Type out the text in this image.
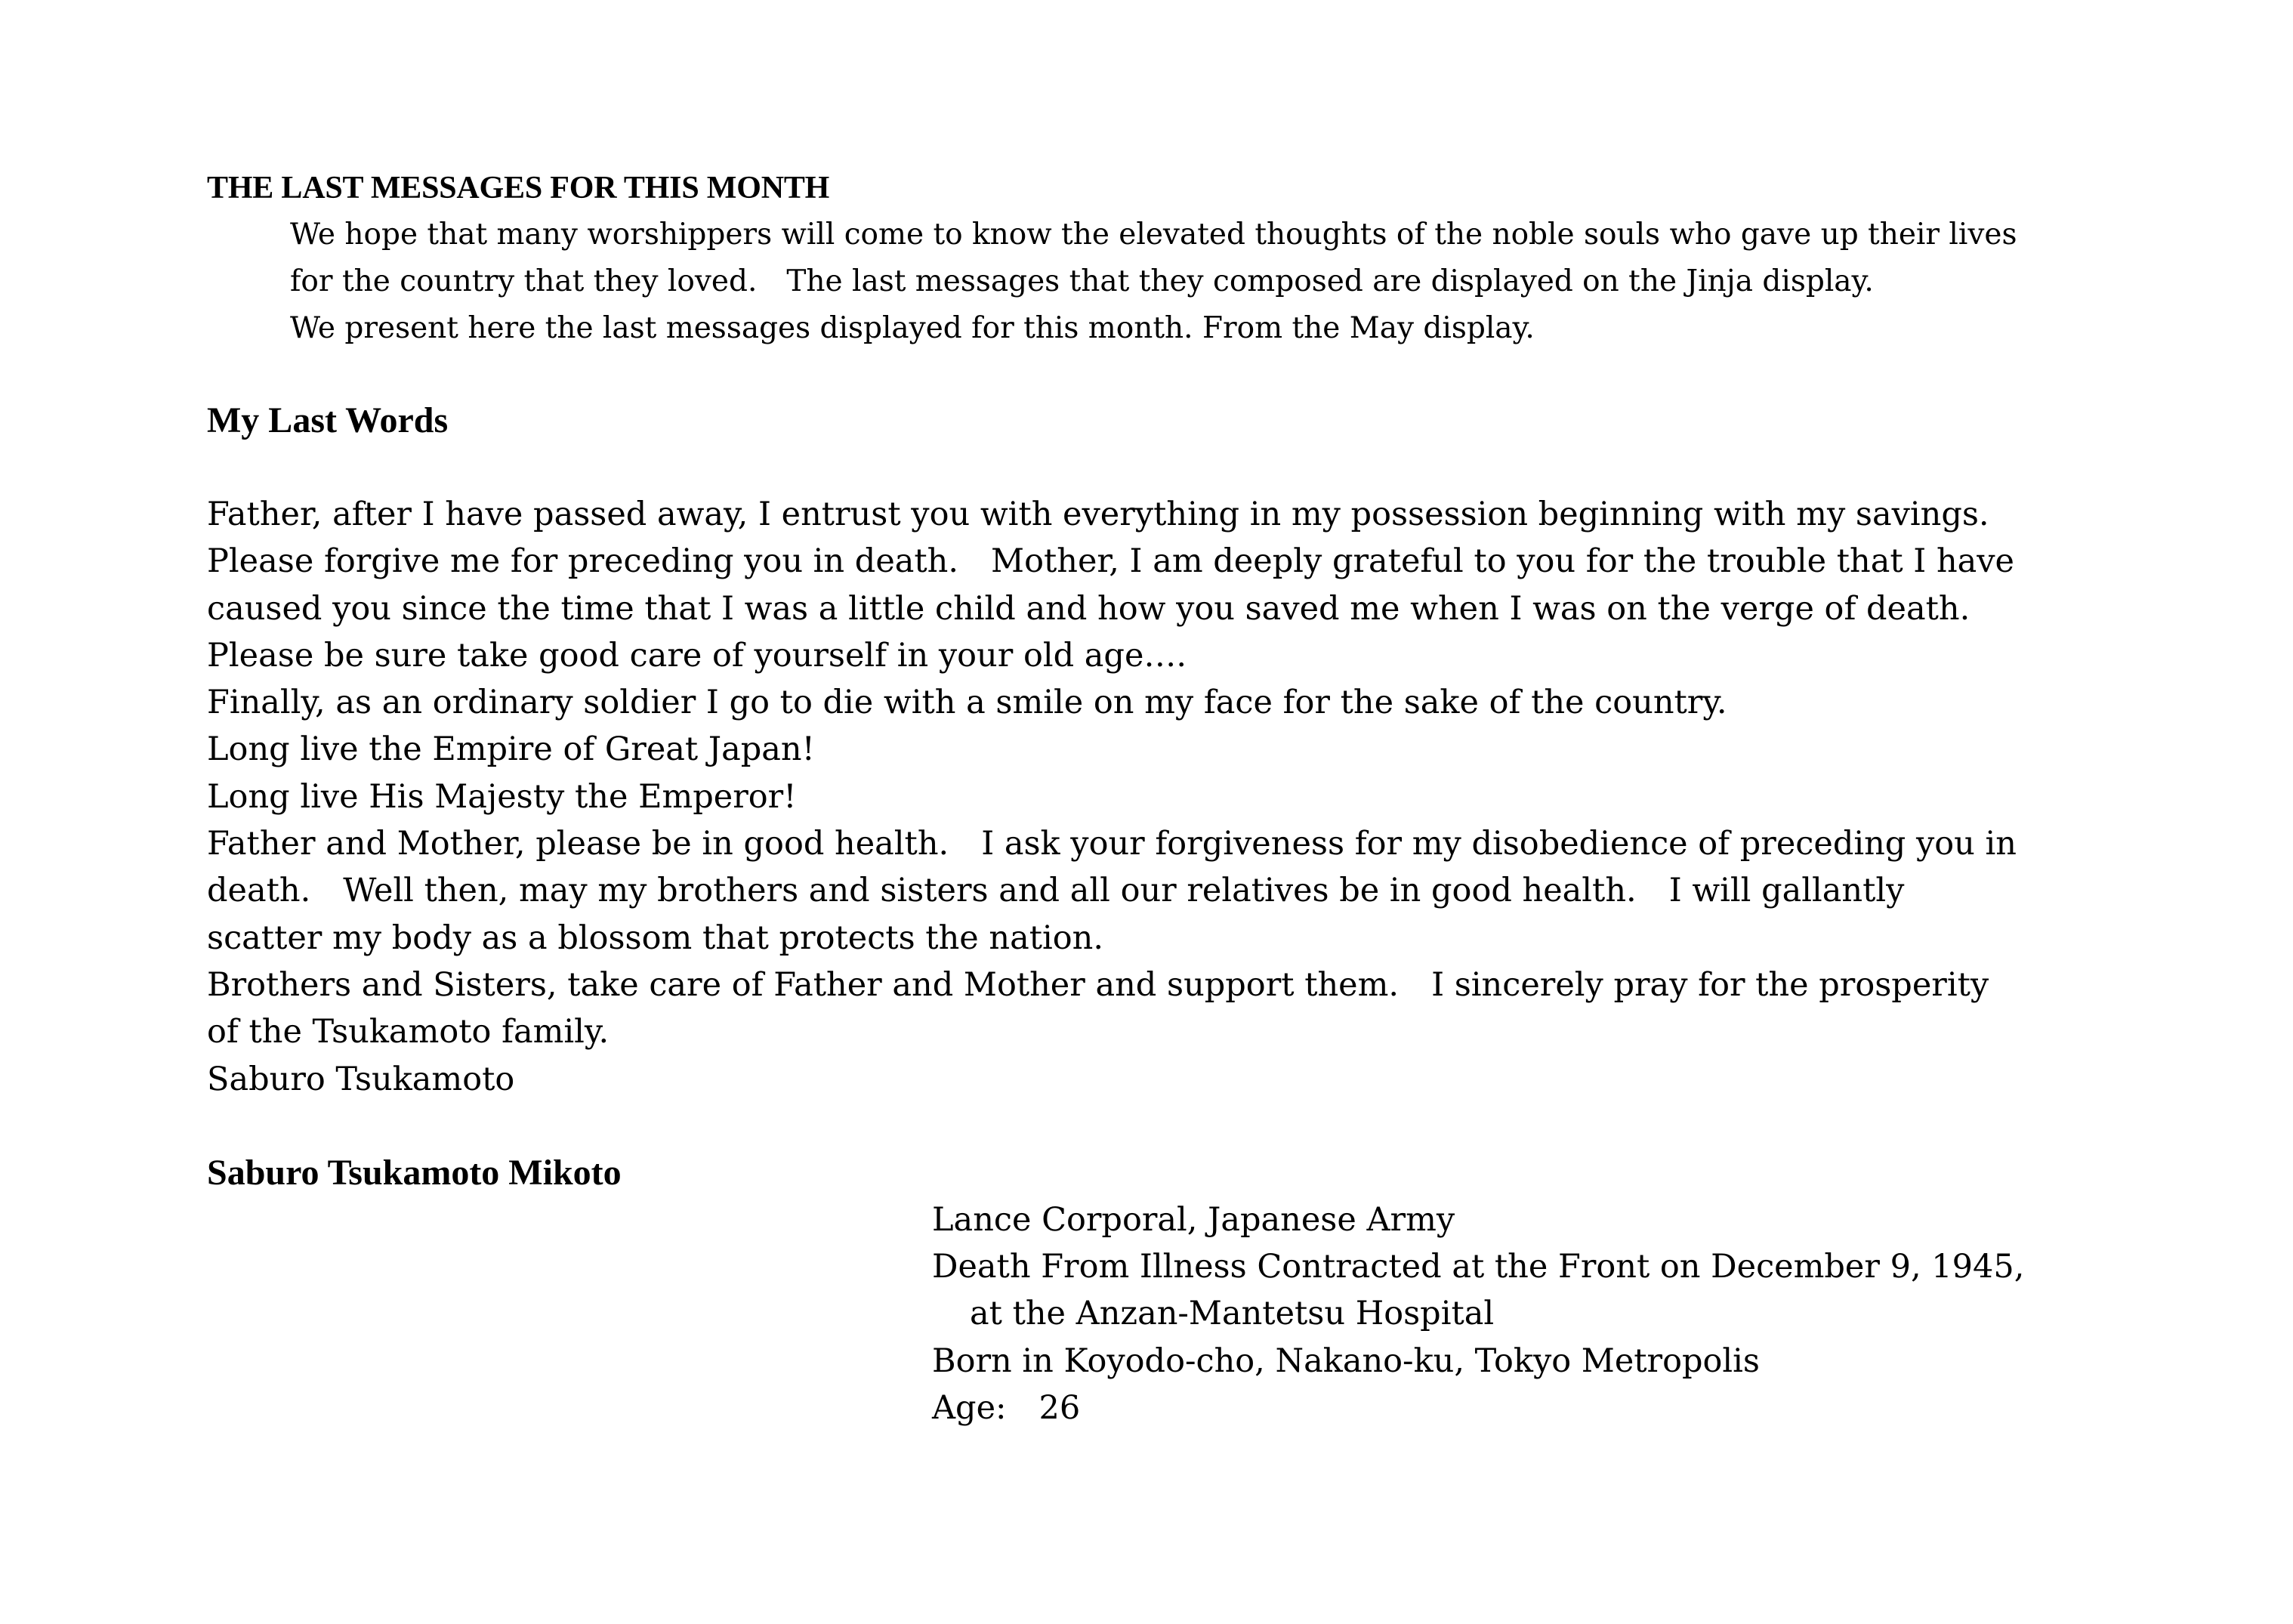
THE LAST MESSAGES FOR THIS MONTH
We hope that many worshippers will come to know the elevated thoughts of the noble souls who gave up their lives
for the country that they loved.　The last messages that they composed are displayed on the Jinja display.
We present here the last messages displayed for this month. From the May display.
My Last Words
Father, after I have passed away, I entrust you with everything in my possession beginning with my savings.
Please forgive me for preceding you in death.　Mother, I am deeply grateful to you for the trouble that I have
caused you since the time that I was a little child and how you saved me when I was on the verge of death.
Please be sure take good care of yourself in your old age….
Finally, as an ordinary soldier I go to die with a smile on my face for the sake of the country.
Long live the Empire of Great Japan!
Long live His Majesty the Emperor!
Father and Mother, please be in good health.　I ask your forgiveness for my disobedience of preceding you in
death.　Well then, may my brothers and sisters and all our relatives be in good health.　I will gallantly
scatter my body as a blossom that protects the nation.
Brothers and Sisters, take care of Father and Mother and support them.　I sincerely pray for the prosperity
of the Tsukamoto family.
Saburo Tsukamoto
Saburo Tsukamoto Mikoto
Lance Corporal, Japanese Army
Death From Illness Contracted at the Front on December 9, 1945,
at the Anzan-Mantetsu Hospital
Born in Koyodo-cho, Nakano-ku, Tokyo Metropolis
Age:　26
